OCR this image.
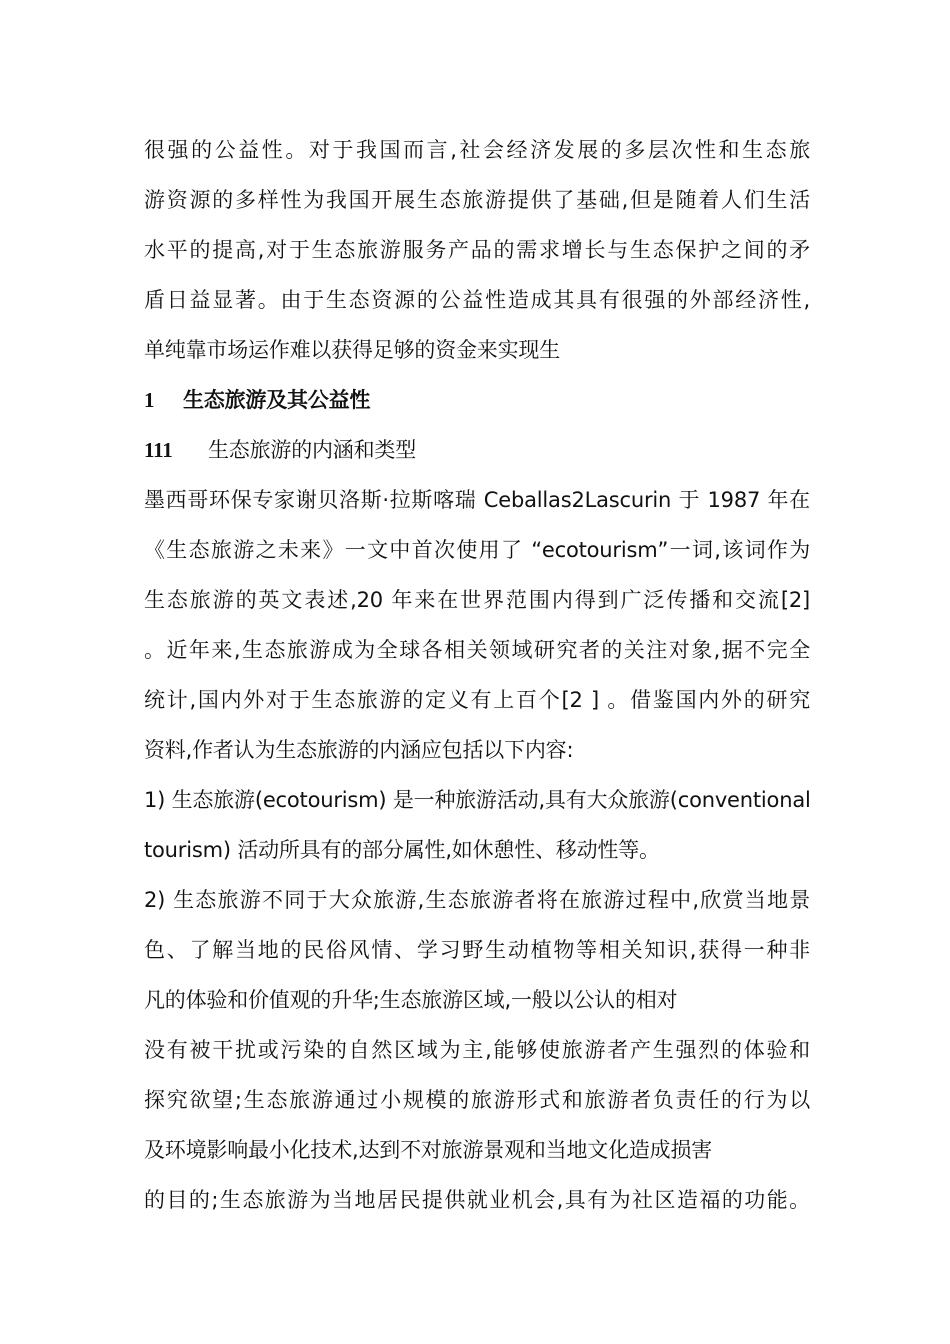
很强的公益性。对于我国而言,社会经济发展的多层次性和生态旅
游资源的多样性为我国开展生态旅游提供了基础,但是随着人们生活
水平的提高,对于生态旅游服务产品的需求增长与生态保护之间的矛
盾日益显著。由于生态资源的公益性造成其具有很强的外部经济性,
单纯靠市场运作难以获得足够的资金来实现生
1 生态旅游及其公益性
111 生态旅游的内涵和类型
墨西哥环保专家谢贝洛斯·拉斯喀瑞 Ceballas2Lascurin 于 1987 年在
《生态旅游之未来》一文中首次使用了 “ecotourism”一词,该词作为
生态旅游的英文表述,20 年来在世界范围内得到广泛传播和交流[2]
。近年来,生态旅游成为全球各相关领域研究者的关注对象,据不完全
统计,国内外对于生态旅游的定义有上百个[2 ] 。借鉴国内外的研究
资料,作者认为生态旅游的内涵应包括以下内容:
1) 生态旅游(ecotourism) 是一种旅游活动,具有大众旅游(conventional
tourism) 活动所具有的部分属性,如休憩性、移动性等。
2) 生态旅游不同于大众旅游,生态旅游者将在旅游过程中,欣赏当地景
色、了解当地的民俗风情、学习野生动植物等相关知识,获得一种非
凡的体验和价值观的升华;生态旅游区域,一般以公认的相对
没有被干扰或污染的自然区域为主,能够使旅游者产生强烈的体验和
探究欲望;生态旅游通过小规模的旅游形式和旅游者负责任的行为以
及环境影响最小化技术,达到不对旅游景观和当地文化造成损害
的目的;生态旅游为当地居民提供就业机会,具有为社区造福的功能。
